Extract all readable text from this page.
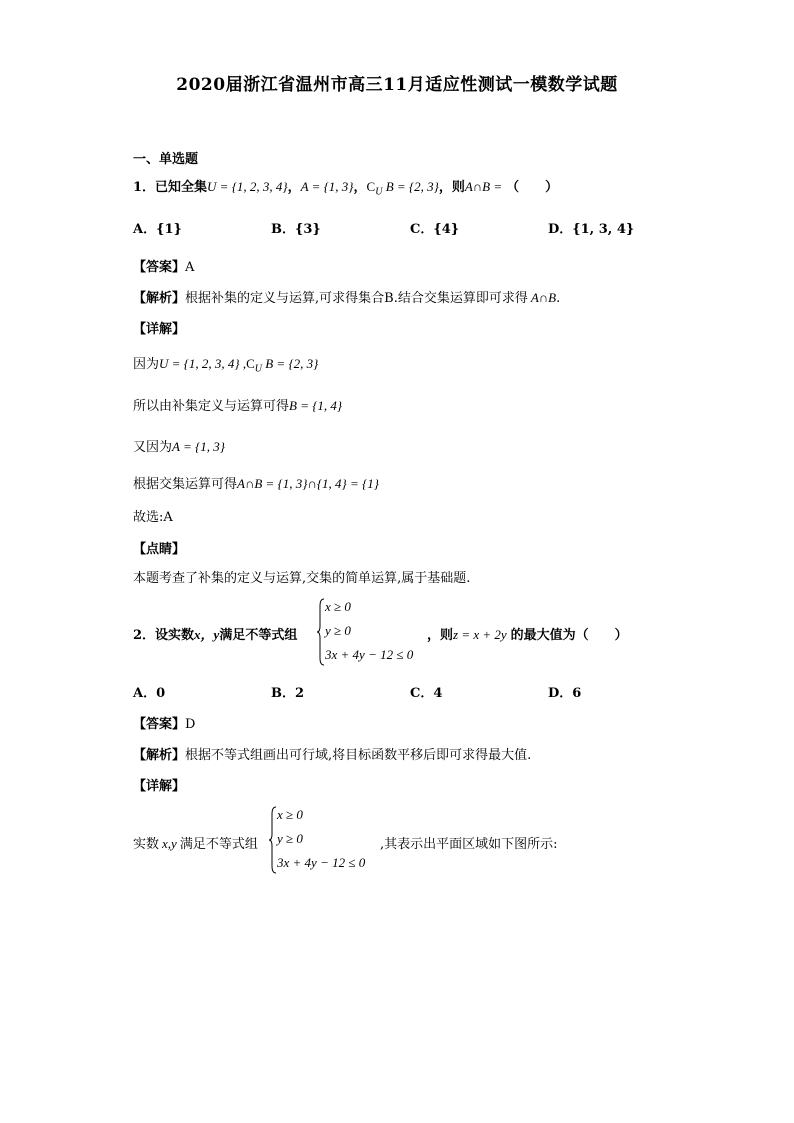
2020届浙江省温州市高三11月适应性测试一模数学试题
一、单选题
1．已知全集U = {1, 2, 3, 4}，A = {1, 3}，$C_U$ B = {2, 3}，则A∩B = （　　）
A．{1}	B．{3}	C．{4}	D．{1, 3, 4}
【答案】A
【解析】根据补集的定义与运算,可求得集合B.结合交集运算即可求得 A∩B.
【详解】
因为U = {1, 2, 3, 4} $,C_U$ B = {2, 3}
所以由补集定义与运算可得B = {1, 4}
又因为A = {1, 3}
根据交集运算可得A∩B = {1, 3}∩{1, 4} = {1}
故选:A
【点睛】
本题考查了补集的定义与运算,交集的简单运算,属于基础题.
2．设实数x，y满足不等式组
x ≥ 0
y ≥ 0
3x + 4y − 12 ≤ 0
，则z = x + 2y 的最大值为（　　）
A．0	B．2	C．4	D．6
【答案】D
【解析】根据不等式组画出可行域,将目标函数平移后即可求得最大值.
【详解】
实数 x,y 满足不等式组
x ≥ 0
y ≥ 0
3x + 4y − 12 ≤ 0
,其表示出平面区域如下图所示:
